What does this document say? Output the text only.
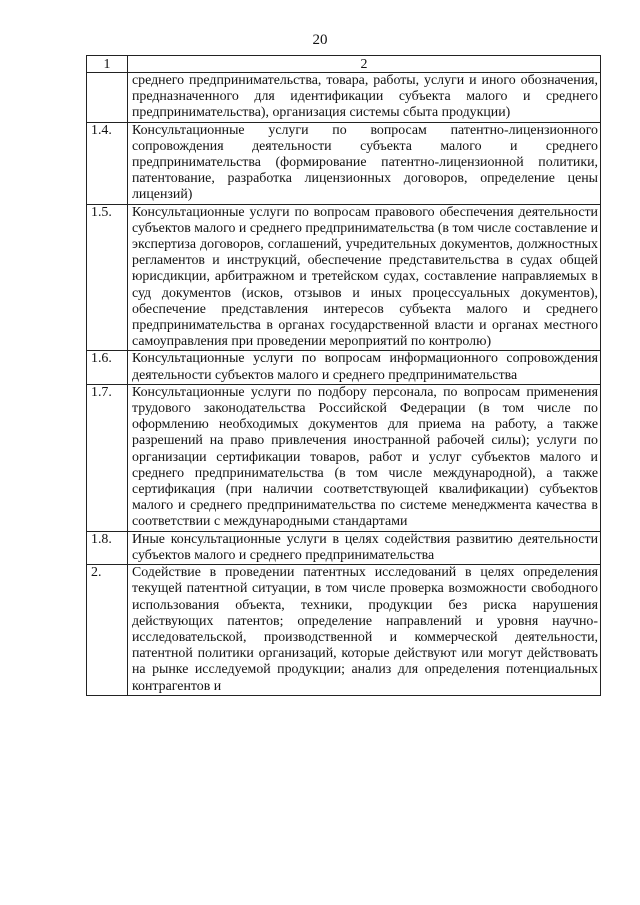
20
1	2
	среднего предпринимательства, товара, работы, услуги и иного обозначения, предназначенного для идентификации субъекта малого и среднего предпринимательства), организация системы сбыта продукции)
1.4.	Консультационные услуги по вопросам патентно-лицензионного сопровождения деятельности субъекта малого и среднего предпринимательства (формирование патентно-лицензионной политики, патентование, разработка лицензионных договоров, определение цены лицензий)
1.5.	Консультационные услуги по вопросам правового обеспечения деятельности субъектов малого и среднего предпринимательства (в том числе составление и экспертиза договоров, соглашений, учредительных документов, должностных регламентов и инструкций, обеспечение представительства в судах общей юрисдикции, арбитражном и третейском судах, составление направляемых в суд документов (исков, отзывов и иных процессуальных документов), обеспечение представления интересов субъекта малого и среднего предпринимательства в органах государственной власти и органах местного самоуправления при проведении мероприятий по контролю)
1.6.	Консультационные услуги по вопросам информационного сопровождения деятельности субъектов малого и среднего предпринимательства
1.7.	Консультационные услуги по подбору персонала, по вопросам применения трудового законодательства Российской Федерации (в том числе по оформлению необходимых документов для приема на работу, а также разрешений на право привлечения иностранной рабочей силы); услуги по организации сертификации товаров, работ и услуг субъектов малого и среднего предпринимательства (в том числе международной), а также сертификация (при наличии соответствующей квалификации) субъектов малого и среднего предпринимательства по системе менеджмента качества в соответствии с международными стандартами
1.8.	Иные консультационные услуги в целях содействия развитию деятельности субъектов малого и среднего предпринимательства
2.	Содействие в проведении патентных исследований в целях определения текущей патентной ситуации, в том числе проверка возможности свободного использования объекта, техники, продукции без риска нарушения действующих патентов; определение направлений и уровня научно-исследовательской, производственной и коммерческой деятельности, патентной политики организаций, которые действуют или могут действовать на рынке исследуемой продукции; анализ для определения потенциальных контрагентов и
